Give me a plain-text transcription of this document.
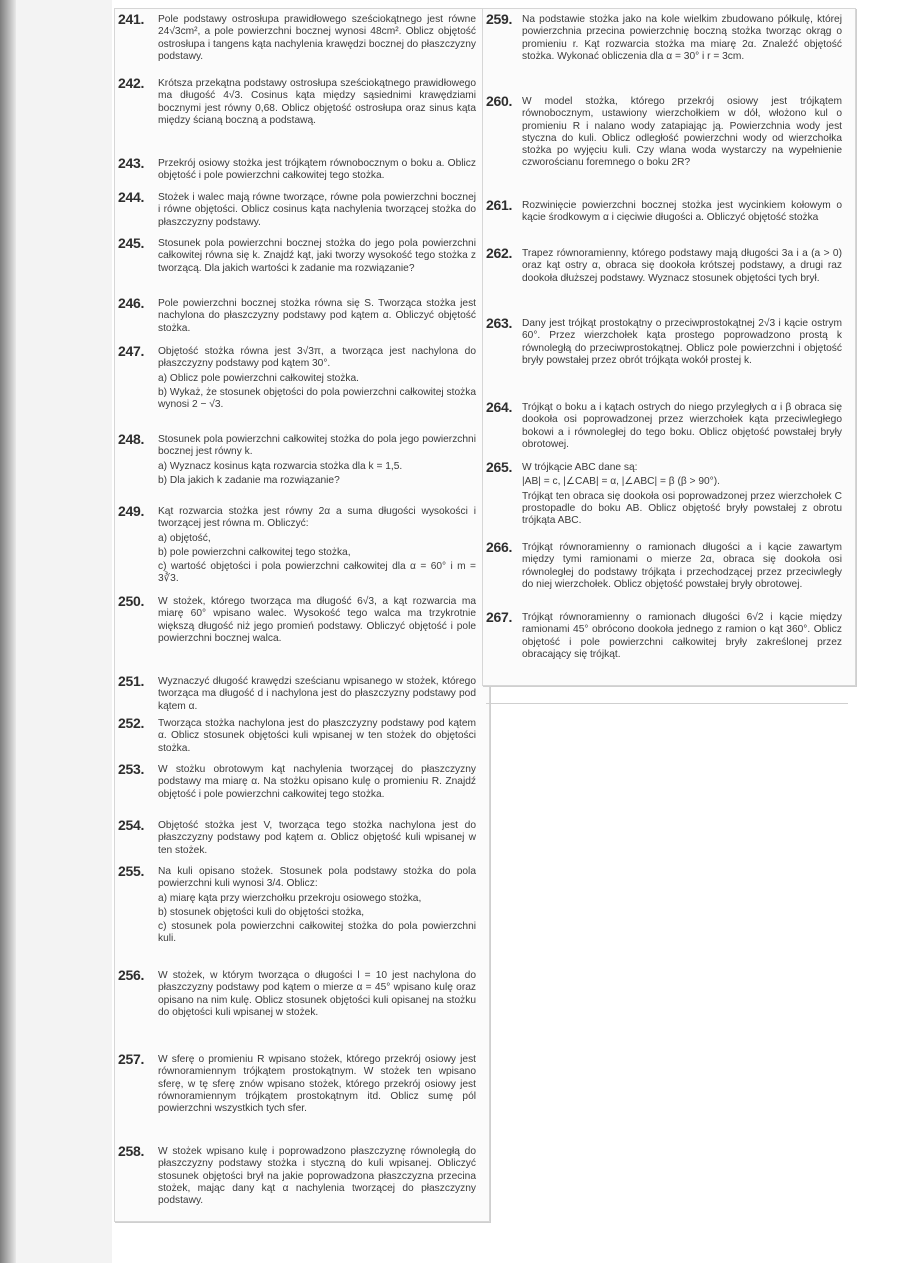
241. Pole podstawy ostrosłupa prawidłowego sześciokątnego jest równe 24√3cm², a pole powierzchni bocznej wynosi 48cm². Oblicz objętość ostrosłupa i tangens kąta nachylenia krawędzi bocznej do płaszczyzny podstawy.
242. Krótsza przekątna podstawy ostrosłupa sześciokątnego prawidłowego ma długość 4√3. Cosinus kąta między sąsiednimi krawędziami bocznymi jest równy 0,68. Oblicz objętość ostrosłupa oraz sinus kąta między ścianą boczną a podstawą.
243. Przekrój osiowy stożka jest trójkątem równobocznym o boku a. Oblicz objętość i pole powierzchni całkowitej tego stożka.
244. Stożek i walec mają równe tworzące, równe pola powierzchni bocznej i równe objętości. Oblicz cosinus kąta nachylenia tworzącej stożka do płaszczyzny podstawy.
245. Stosunek pola powierzchni bocznej stożka do jego pola powierzchni całkowitej równa się k. Znajdź kąt, jaki tworzy wysokość tego stożka z tworzącą. Dla jakich wartości k zadanie ma rozwiązanie?
246. Pole powierzchni bocznej stożka równa się S. Tworząca stożka jest nachylona do płaszczyzny podstawy pod kątem α. Obliczyć objętość stożka.
247. Objętość stożka równa jest 3√3π, a tworząca jest nachylona do płaszczyzny podstawy pod kątem 30°.
a) Oblicz pole powierzchni całkowitej stożka.
b) Wykaż, że stosunek objętości do pola powierzchni całkowitej stożka wynosi 2 − √3.
248. Stosunek pola powierzchni całkowitej stożka do pola jego powierzchni bocznej jest równy k.
a) Wyznacz kosinus kąta rozwarcia stożka dla k = 1,5.
b) Dla jakich k zadanie ma rozwiązanie?
249. Kąt rozwarcia stożka jest równy 2α a suma długości wysokości i tworzącej jest równa m. Obliczyć:
a) objętość,
b) pole powierzchni całkowitej tego stożka,
c) wartość objętości i pola powierzchni całkowitej dla α = 60° i m = 3∛3.
250. W stożek, którego tworząca ma długość 6√3, a kąt rozwarcia ma miarę 60° wpisano walec. Wysokość tego walca ma trzykrotnie większą długość niż jego promień podstawy. Obliczyć objętość i pole powierzchni bocznej walca.
251. Wyznaczyć długość krawędzi sześcianu wpisanego w stożek, którego tworząca ma długość d i nachylona jest do płaszczyzny podstawy pod kątem α.
252. Tworząca stożka nachylona jest do płaszczyzny podstawy pod kątem α. Oblicz stosunek objętości kuli wpisanej w ten stożek do objętości stożka.
253. W stożku obrotowym kąt nachylenia tworzącej do płaszczyzny podstawy ma miarę α. Na stożku opisano kulę o promieniu R. Znajdź objętość i pole powierzchni całkowitej tego stożka.
254. Objętość stożka jest V, tworząca tego stożka nachylona jest do płaszczyzny podstawy pod kątem α. Oblicz objętość kuli wpisanej w ten stożek.
255. Na kuli opisano stożek. Stosunek pola podstawy stożka do pola powierzchni kuli wynosi 3/4. Oblicz:
a) miarę kąta przy wierzchołku przekroju osiowego stożka,
b) stosunek objętości kuli do objętości stożka,
c) stosunek pola powierzchni całkowitej stożka do pola powierzchni kuli.
256. W stożek, w którym tworząca o długości l = 10 jest nachylona do płaszczyzny podstawy pod kątem o mierze α = 45° wpisano kulę oraz opisano na nim kulę. Oblicz stosunek objętości kuli opisanej na stożku do objętości kuli wpisanej w stożek.
257. W sferę o promieniu R wpisano stożek, którego przekrój osiowy jest równoramiennym trójkątem prostokątnym. W stożek ten wpisano sferę, w tę sferę znów wpisano stożek, którego przekrój osiowy jest równoramiennym trójkątem prostokątnym itd. Oblicz sumę pól powierzchni wszystkich tych sfer.
258. W stożek wpisano kulę i poprowadzono płaszczyznę równoległą do płaszczyzny podstawy stożka i styczną do kuli wpisanej. Obliczyć stosunek objętości brył na jakie poprowadzona płaszczyzna przecina stożek, mając dany kąt α nachylenia tworzącej do płaszczyzny podstawy.
259. Na podstawie stożka jako na kole wielkim zbudowano półkulę, której powierzchnia przecina powierzchnię boczną stożka tworząc okrąg o promieniu r. Kąt rozwarcia stożka ma miarę 2α. Znaleźć objętość stożka. Wykonać obliczenia dla α = 30° i r = 3cm.
260. W model stożka, którego przekrój osiowy jest trójkątem równobocznym, ustawiony wierzchołkiem w dół, włożono kul o promieniu R i nalano wody zatapiając ją. Powierzchnia wody jest styczna do kuli. Oblicz odległość powierzchni wody od wierzchołka stożka po wyjęciu kuli. Czy wlana woda wystarczy na wypełnienie czworościanu foremnego o boku 2R?
261. Rozwinięcie powierzchni bocznej stożka jest wycinkiem kołowym o kącie środkowym α i cięciwie długości a. Obliczyć objętość stożka
262. Trapez równoramienny, którego podstawy mają długości 3a i a (a > 0) oraz kąt ostry α, obraca się dookoła krótszej podstawy, a drugi raz dookoła dłuższej podstawy. Wyznacz stosunek objętości tych brył.
263. Dany jest trójkąt prostokątny o przeciwprostokątnej 2√3 i kącie ostrym 60°. Przez wierzchołek kąta prostego poprowadzono prostą k równoległą do przeciwprostokątnej. Oblicz pole powierzchni i objętość bryły powstałej przez obrót trójkąta wokół prostej k.
264. Trójkąt o boku a i kątach ostrych do niego przyległych α i β obraca się dookoła osi poprowadzonej przez wierzchołek kąta przeciwległego bokowi a i równoległej do tego boku. Oblicz objętość powstałej bryły obrotowej.
265. W trójkącie ABC dane są:
|AB| = c, |∠CAB| = α, |∠ABC| = β (β > 90°).
Trójkąt ten obraca się dookoła osi poprowadzonej przez wierzchołek C prostopadle do boku AB. Oblicz objętość bryły powstałej z obrotu trójkąta ABC.
266. Trójkąt równoramienny o ramionach długości a i kącie zawartym między tymi ramionami o mierze 2α, obraca się dookoła osi równoległej do podstawy trójkąta i przechodzącej przez przeciwległy do niej wierzchołek. Oblicz objętość powstałej bryły obrotowej.
267. Trójkąt równoramienny o ramionach długości 6√2 i kącie między ramionami 45° obrócono dookoła jednego z ramion o kąt 360°. Oblicz objętość i pole powierzchni całkowitej bryły zakreślonej przez obracający się trójkąt.
